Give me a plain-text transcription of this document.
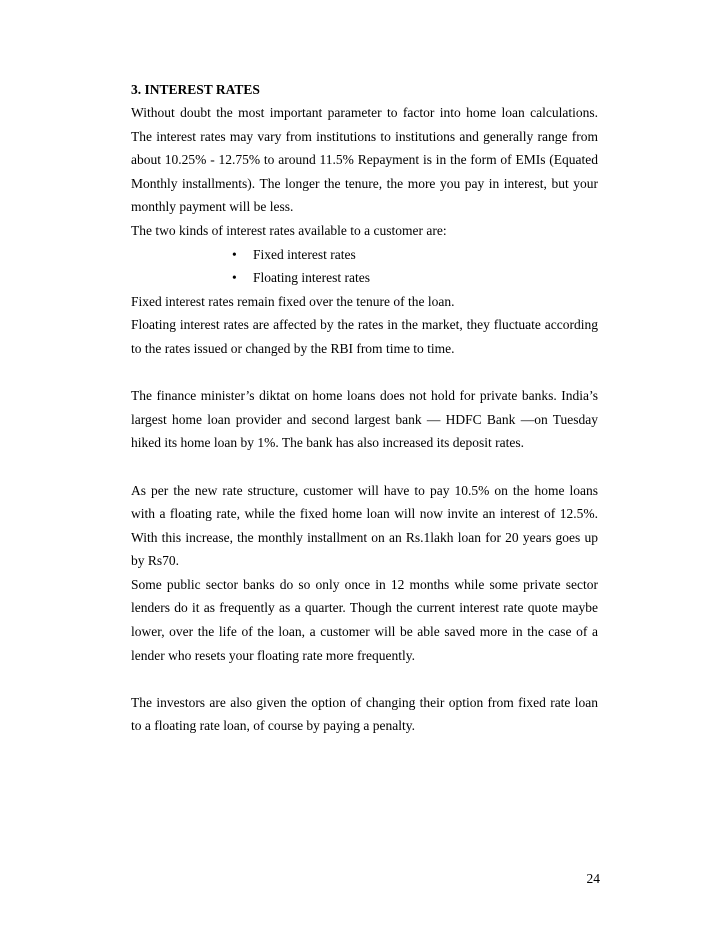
3. INTEREST RATES

Without doubt the most important parameter to factor into home loan calculations. The interest rates may vary from institutions to institutions and generally range from about 10.25% - 12.75% to around 11.5% Repayment is in the form of EMIs (Equated Monthly installments). The longer the tenure, the more you pay in interest, but your monthly payment will be less.

The two kinds of interest rates available to a customer are:

• Fixed interest rates
• Floating interest rates

Fixed interest rates remain fixed over the tenure of the loan.

Floating interest rates are affected by the rates in the market, they fluctuate according to the rates issued or changed by the RBI from time to time.

The finance minister’s diktat on home loans does not hold for private banks. India’s largest home loan provider and second largest bank — HDFC Bank —on Tuesday hiked its home loan by 1%. The bank has also increased its deposit rates.

As per the new rate structure, customer will have to pay 10.5% on the home loans with a floating rate, while the fixed home loan will now invite an interest of 12.5%. With this increase, the monthly installment on an Rs.1lakh loan for 20 years goes up by Rs70.

Some public sector banks do so only once in 12 months while some private sector lenders do it as frequently as a quarter. Though the current interest rate quote maybe lower, over the life of the loan, a customer will be able saved more in the case of a lender who resets your floating rate more frequently.

The investors are also given the option of changing their option from fixed rate loan to a floating rate loan, of course by paying a penalty.

24
